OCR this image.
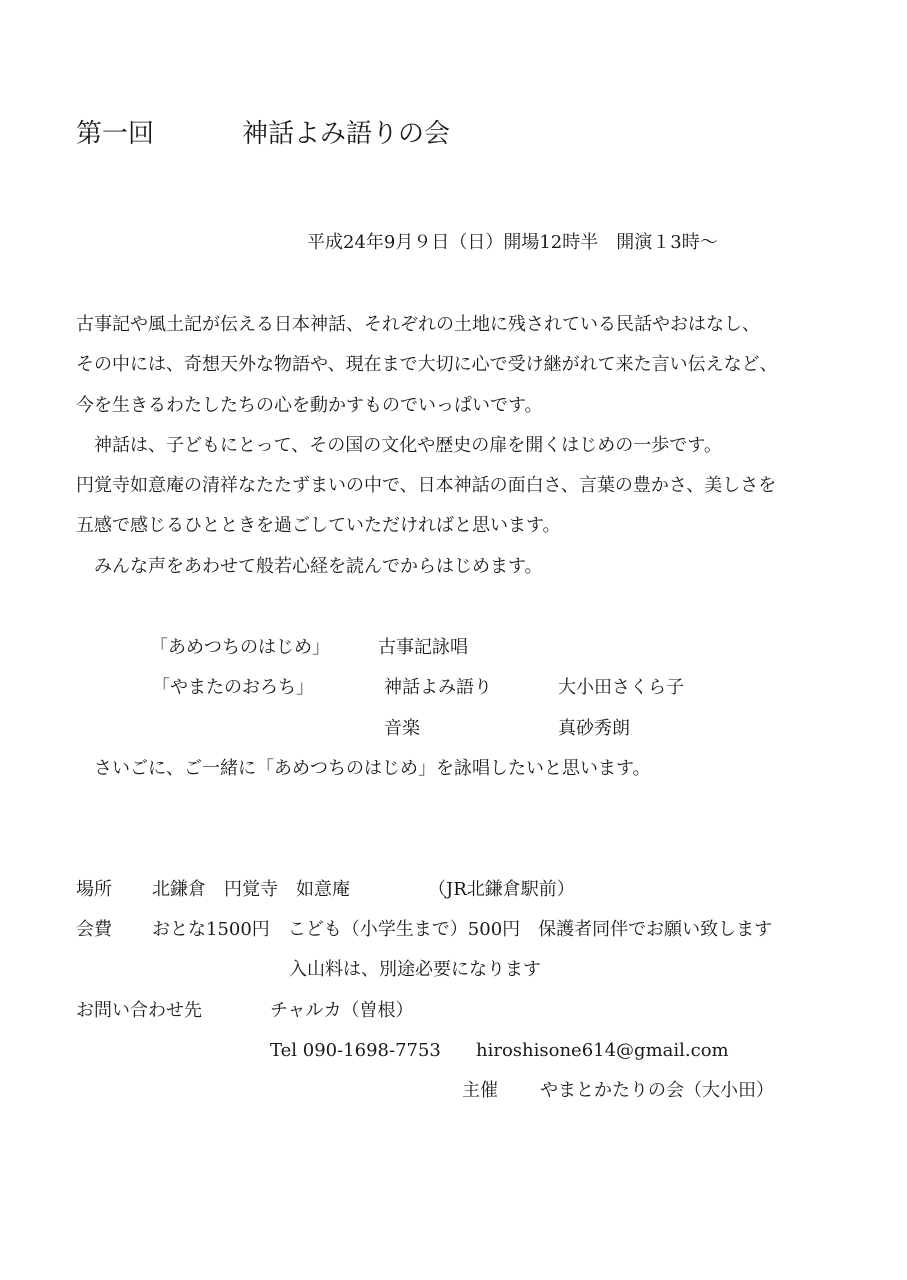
第一回	神話よみ語りの会
平成24年9月９日（日）開場12時半　開演１3時～
古事記や風土記が伝える日本神話、それぞれの土地に残されている民話やおはなし、
その中には、奇想天外な物語や、現在まで大切に心で受け継がれて来た言い伝えなど、
今を生きるわたしたちの心を動かすものでいっぱいです。
　神話は、子どもにとって、その国の文化や歴史の扉を開くはじめの一歩です。
円覚寺如意庵の清祥なたたずまいの中で、日本神話の面白さ、言葉の豊かさ、美しさを
五感で感じるひとときを過ごしていただければと思います。
　みんな声をあわせて般若心経を読んでからはじめます。
「あめつちのはじめ」	古事記詠唱
「やまたのおろち」	神話よみ語り	大小田さくら子
音楽	真砂秀朗
　さいごに、ご一緒に「あめつちのはじめ」を詠唱したいと思います。
場所 北鎌倉　円覚寺　如意庵	（JR北鎌倉駅前）
会費 おとな1500円　こども（小学生まで）500円　保護者同伴でお願い致します
入山料は、別途必要になります
お問い合わせ先	チャルカ（曽根）
Tel 090-1698-7753 hiroshisone614@gmail.com
主催 やまとかたりの会（大小田）
